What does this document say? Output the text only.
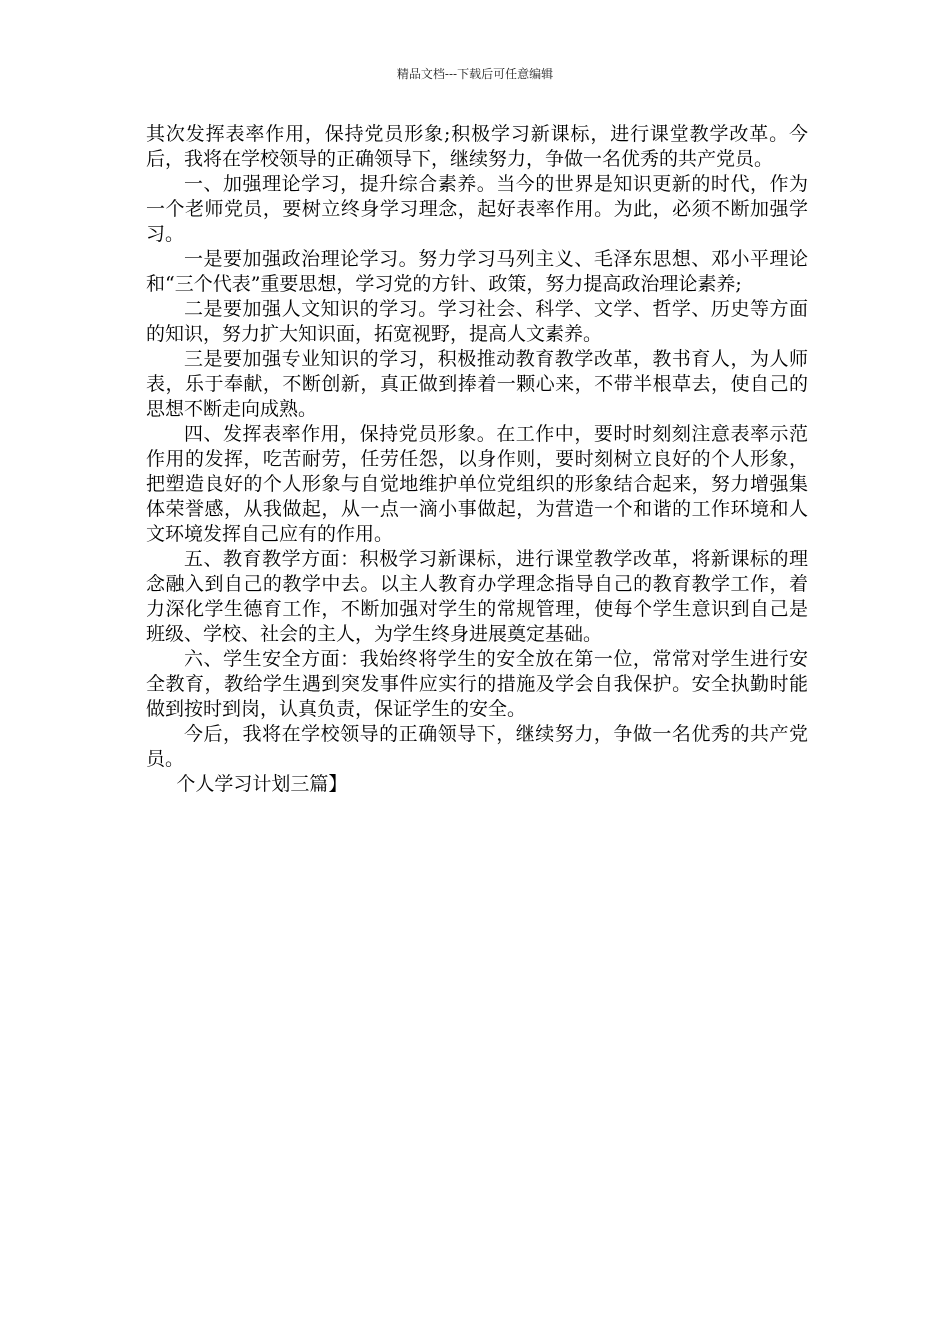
精品文档---下载后可任意编辑

其次发挥表率作用，保持党员形象;积极学习新课标，进行课堂教学改革。今后，我将在学校领导的正确领导下，继续努力，争做一名优秀的共产党员。

一、加强理论学习，提升综合素养。当今的世界是知识更新的时代，作为一个老师党员，要树立终身学习理念，起好表率作用。为此，必须不断加强学习。

一是要加强政治理论学习。努力学习马列主义、毛泽东思想、邓小平理论和“三个代表”重要思想，学习党的方针、政策，努力提高政治理论素养;

二是要加强人文知识的学习。学习社会、科学、文学、哲学、历史等方面的知识，努力扩大知识面，拓宽视野，提高人文素养。

三是要加强专业知识的学习，积极推动教育教学改革，教书育人，为人师表，乐于奉献，不断创新，真正做到捧着一颗心来，不带半根草去，使自己的思想不断走向成熟。

四、发挥表率作用，保持党员形象。在工作中，要时时刻刻注意表率示范作用的发挥，吃苦耐劳，任劳任怨，以身作则，要时刻树立良好的个人形象，把塑造良好的个人形象与自觉地维护单位党组织的形象结合起来，努力增强集体荣誉感，从我做起，从一点一滴小事做起，为营造一个和谐的工作环境和人文环境发挥自己应有的作用。

五、教育教学方面：积极学习新课标，进行课堂教学改革，将新课标的理念融入到自己的教学中去。以主人教育办学理念指导自己的教育教学工作，着力深化学生德育工作，不断加强对学生的常规管理，使每个学生意识到自己是班级、学校、社会的主人，为学生终身进展奠定基础。

六、学生安全方面：我始终将学生的安全放在第一位，常常对学生进行安全教育，教给学生遇到突发事件应实行的措施及学会自我保护。安全执勤时能做到按时到岗，认真负责，保证学生的安全。

今后，我将在学校领导的正确领导下，继续努力，争做一名优秀的共产党员。

个人学习计划三篇】
